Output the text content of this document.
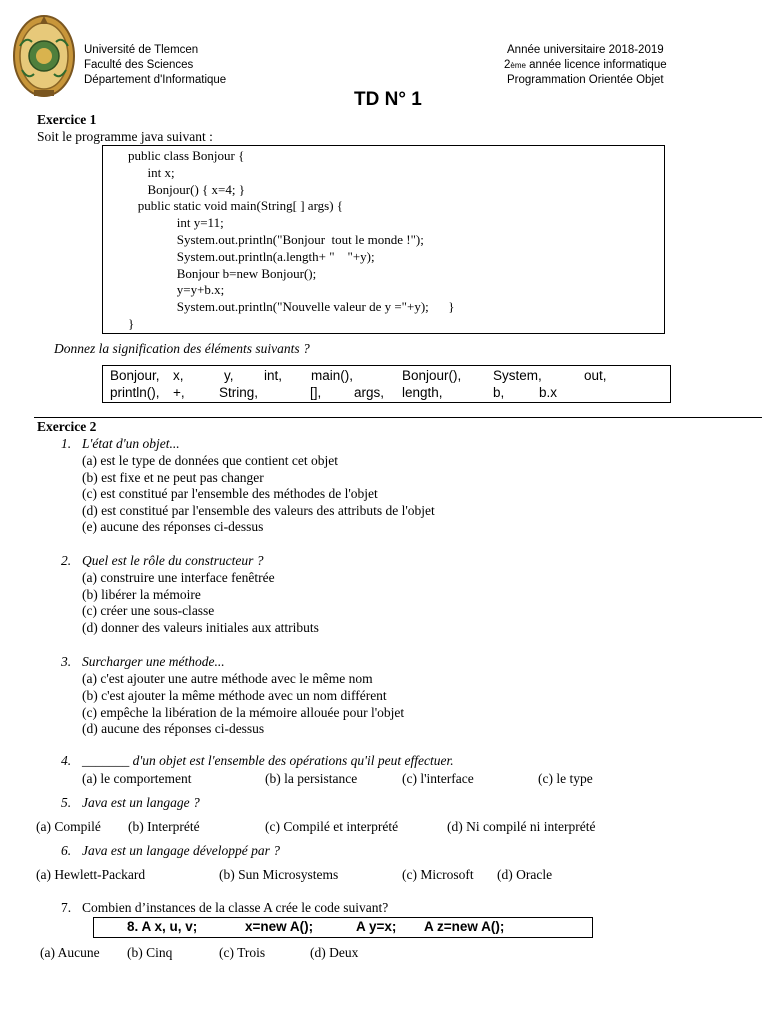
Université de Tlemcen
Faculté des Sciences
Département d'Informatique
Année universitaire 2018-2019
2ème année licence informatique
Programmation Orientée Objet
TD N° 1
Exercice 1
Soit le programme java suivant :
public class Bonjour {
int x;
Bonjour() { x=4; }
public static void main(String[ ] args) {
int y=11;
System.out.println("Bonjour  tout le monde !");
System.out.println(a.length+ "    "+y);
Bonjour b=new Bonjour();
y=y+b.x;
System.out.println("Nouvelle valeur de y ="+y);      }
}
Donnez la signification des éléments suivants ?
Bonjour, x,	y, int, main(),	Bonjour(), System,	out,
println(), +,	String,	[], args, length,	b,	b.x
Exercice 2
1. L'état d'un objet...
(a) est le type de données que contient cet objet
(b) est fixe et ne peut pas changer
(c) est constitué par l'ensemble des méthodes de l'objet
(d) est constitué par l'ensemble des valeurs des attributs de l'objet
(e) aucune des réponses ci-dessus
2. Quel est le rôle du constructeur ?
(a) construire une interface fenêtrée
(b) libérer la mémoire
(c) créer une sous-classe
(d) donner des valeurs initiales aux attributs
3. Surcharger une méthode...
(a) c'est ajouter une autre méthode avec le même nom
(b) c'est ajouter la même méthode avec un nom différent
(c) empêche la libération de la mémoire allouée pour l'objet
(d) aucune des réponses ci-dessus
4. _______ d'un objet est l'ensemble des opérations qu'il peut effectuer.
(a) le comportement	(b) la persistance	(c) l'interface	(c) le type
5. Java est un langage ?
(a) Compilé (b) Interprété	(c) Compilé et interprété	(d) Ni compilé ni interprété
6. Java est un langage développé par ?
(a) Hewlett-Packard	(b) Sun Microsystems	(c) Microsoft (d) Oracle
7. Combien d’instances de la classe A crée le code suivant?
8. A x, u, v;	x=new A();	A y=x; A z=new A();
(a) Aucune (b) Cinq	(c) Trois	(d) Deux
